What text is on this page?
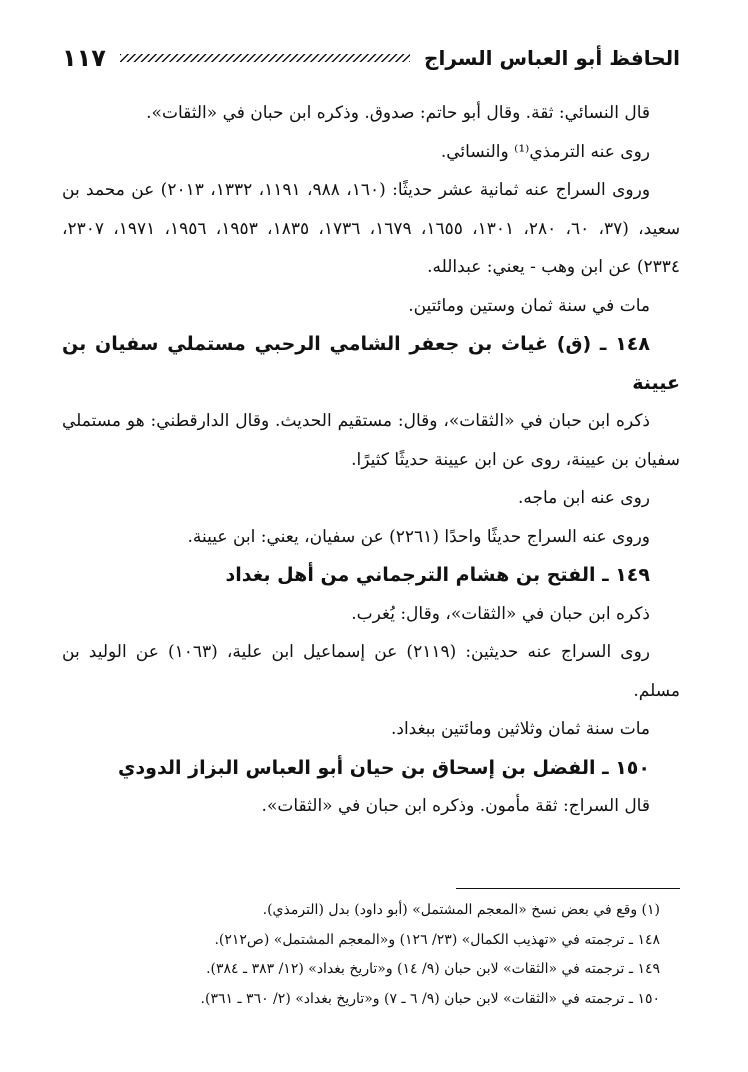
الحافظ أبو العباس السراج
١١٧

قال النسائي: ثقة. وقال أبو حاتم: صدوق. وذكره ابن حبان في «الثقات».

روى عنه الترمذي⁽¹⁾ والنسائي.

وروى السراج عنه ثمانية عشر حديثًا: (١٦٠، ٩٨٨، ١١٩١، ١٣٣٢، ٢٠١٣) عن محمد بن سعيد، (٣٧، ٦٠، ٢٨٠، ١٣٠١، ١٦٥٥، ١٦٧٩، ١٧٣٦، ١٨٣٥، ١٩٥٣، ١٩٥٦، ١٩٧١، ٢٣٠٧، ٢٣٣٤) عن ابن وهب - يعني: عبدالله.

مات في سنة ثمان وستين ومائتين.

١٤٨ ـ (ق) غياث بن جعفر الشامي الرحبي مستملي سفيان بن عيينة

ذكره ابن حبان في «الثقات»، وقال: مستقيم الحديث. وقال الدارقطني: هو مستملي سفيان بن عيينة، روى عن ابن عيينة حديثًا كثيرًا.

روى عنه ابن ماجه.

وروى عنه السراج حديثًا واحدًا (٢٢٦١) عن سفيان، يعني: ابن عيينة.

١٤٩ ـ الفتح بن هشام الترجماني من أهل بغداد

ذكره ابن حبان في «الثقات»، وقال: يُغرب.

روى السراج عنه حديثين: (٢١١٩) عن إسماعيل ابن علية، (١٠٦٣) عن الوليد بن مسلم.

مات سنة ثمان وثلاثين ومائتين ببغداد.

١٥٠ ـ الفضل بن إسحاق بن حيان أبو العباس البزاز الدودي

قال السراج: ثقة مأمون. وذكره ابن حبان في «الثقات».

(١) وقع في بعض نسخ «المعجم المشتمل» (أبو داود) بدل (الترمذي).

١٤٨ ـ ترجمته في «تهذيب الكمال» (٢٣/ ١٢٦) و«المعجم المشتمل» (ص٢١٢).

١٤٩ ـ ترجمته في «الثقات» لابن حبان (٩/ ١٤) و«تاريخ بغداد» (١٢/ ٣٨٣ ـ ٣٨٤).

١٥٠ ـ ترجمته في «الثقات» لابن حبان (٩/ ٦ ـ ٧) و«تاريخ بغداد» (٢/ ٣٦٠ ـ ٣٦١).
